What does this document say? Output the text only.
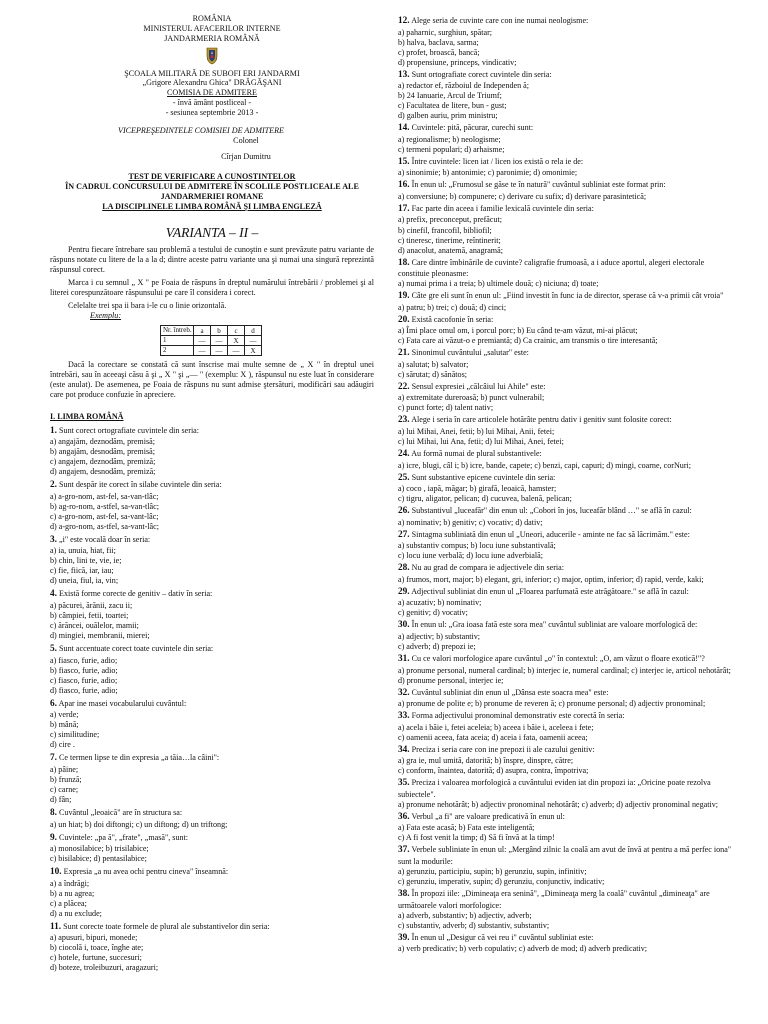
ROMÂNIA
MINISTERUL AFACERILOR INTERNE
JANDARMERIA ROMÂNĂ
ŞCOALA MILITARĂ DE SUBOFI ERI JANDARMI
„Grigore Alexandru Ghica" DRĂGĂŞANI
COMISIA DE ADMITERE
- învă ământ postliceal -
- sesiunea septembrie 2013 -
VICEPREŞEDINTELE COMISIEI DE ADMITERE
Colonel
Cîrjan Dumitru
TEST DE VERIFICARE A CUNOSTINTELOR
ÎN CADRUL CONCURSULUI DE ADMITERE ÎN SCOLILE POSTLICEALE ALE JANDARMERIEI ROMANE
LA DISCIPLINELE LIMBA ROMÂNĂ ŞI LIMBA ENGLEZĂ
VARIANTA – II –
Pentru fiecare întrebare sau problemă a testului de cunoştin e sunt prevăzute patru variante de răspuns notate cu litere de la a la d; dintre aceste patru variante una şi numai una singură reprezintă răspunsul corect.
Marca i cu semnul „ X " pe Foaia de răspuns în dreptul numărului întrebării / problemei şi al literei corespunzătoare răspunsului pe care îl considera i corect.
Celelalte trei spa ii bara i-le cu o linie orizontală.
Exemplu:
Nr. întreb.	a	b	c	d
1	—	—	X	—
2	—	—	—	X
Dacă la corectare se constată că sunt înscrise mai multe semne de „ X " în dreptul unei întrebări, sau în aceeaşi căsu ă şi „ X " şi „— " (exemplu: X ), răspunsul nu este luat în considerare (este anulat). De asemenea, pe Foaia de răspuns nu sunt admise ştersături, modificări sau adăugiri care pot produce confuzie în apreciere.
I. LIMBA ROMÂNĂ
1. Sunt corect ortografiate cuvintele din seria:
a) angajăm, deznodăm, premisă;
b) angajăm, desnodăm, premisă;
c) angajem, deznodăm, premiză;
d) angajem, desnodăm, premiză;
2. Sunt despăr ite corect în silabe cuvintele din seria:
a) a-gro-nom, ast-fel, sa-van-tlâc;
b) ag-ro-nom, a-stfel, sa-van-tlâc;
c) a-gro-nom, ast-fel, sa-vant-lâc;
d) a-gro-nom, as-tfel, sa-vant-lâc;
3. „i" este vocală doar în seria:
a) ia, unuia, hiat, fii;
b) chin, lini te, vie, ie;
c) fie, fiică, iar, iau;
d) uneia, fiul, ia, vin;
4. Există forme corecte de genitiv – dativ în seria:
a) păcurei, ărănii, zacu ii;
b) câmpiei, fetii, toartei;
c) ărăncei, ouălelor, mamii;
d) mingiei, membranii, mierei;
5. Sunt accentuate corect toate cuvintele din seria:
a) fiasco, furie, adio;
b) fiasco, furie, adio;
c) fiasco, furie, adio;
d) fiasco, furie, adio;
6. Apar ine masei vocabularului cuvântul:
a) verde;
b) mână;
c) similitudine;
d) cire .
7. Ce termen lipse te din expresia „a tăia…la câini":
a) pâine;
b) frunză;
c) carne;
d) fân;
8. Cuvântul „leoaică" are în structura sa:
a) un hiat; b) doi diftongi; c) un diftong; d) un triftong;
9. Cuvintele: „pa ă", „frate", „masă", sunt:
a) monosilabice; b) trisilabice;
c) bisilabice; d) pentasilabice;
10. Expresia „a nu avea ochi pentru cineva" înseamnă:
a) a îndrăgi;
b) a nu agrea;
c) a plăcea;
d) a nu exclude;
11. Sunt corecte toate formele de plural ale substantivelor din seria:
a) apusuri, bipuri, monede;
b) ciocolă i, toace, înghe ate;
c) hotele, furtune, succesuri;
d) boteze, troleibuzuri, aragazuri;
12. Alege seria de cuvinte care con ine numai neologisme:
a) paharnic, surghiun, spătar;
b) halva, baclava, sarma;
c) profet, broască, bancă;
d) propensiune, princeps, vindicativ;
13. Sunt ortografiate corect cuvintele din seria:
a) redactor ef, războiul de Independen ă;
b) 24 Ianuarie, Arcul de Triumf;
c) Facultatea de litere, bun - gust;
d) galben auriu, prim ministru;
14. Cuvintele: pită, păcurar, curechi sunt:
a) regionalisme; b) neologisme;
c) termeni populari; d) arhaisme;
15. Între cuvintele: licen iat / licen ios există o rela ie de:
a) sinonimie; b) antonimie; c) paronimie; d) omonimie;
16. În enun ul: „Frumosul se găse te în natură" cuvântul subliniat este format prin:
a) conversiune; b) compunere; c) derivare cu sufix; d) derivare parasintetică;
17. Fac parte din aceea i familie lexicală cuvintele din seria:
a) prefix, preconceput, prefăcut;
b) cinefil, francofil, bibliofil;
c) tineresc, tinerime, reîntinerit;
d) anacolut, anatemă, anagramă;
18. Care dintre îmbinările de cuvinte? caligrafie frumoasă, a i aduce aportul, alegeri electorale constituie pleonasme:
a) numai prima i a treia; b) ultimele două; c) niciuna; d) toate;
19. Câte gre eli sunt în enun ul: „Fiind investit în func ia de director, sperase că v-a primii cât vroia"
a) patru; b) trei; c) două; d) cinci;
20. Există cacofonie în seria:
a) Îmi place omul om, i porcul porc; b) Eu când te-am văzut, mi-ai plăcut;
c) Fata care ai văzut-o e premiantă; d) Ca crainic, am transmis o tire interesantă;
21. Sinonimul cuvântului „salutar" este:
a) salutat; b) salvator;
c) sărutat; d) sănătos;
22. Sensul expresiei „călcâiul lui Ahile" este:
a) extremitate dureroasă; b) punct vulnerabil;
c) punct forte; d) talent nativ;
23. Alege i seria în care articolele hotărâte pentru dativ i genitiv sunt folosite corect:
a) lui Mihai, Anei, fetii; b) lui Mihai, Anii, fetei;
c) lui Mihai, lui Ana, fetii; d) lui Mihai, Anei, fetei;
24. Au formă numai de plural substantivele:
a) icre, blugi, câl i; b) icre, bande, capete; c) benzi, capi, capuri; d) mingi, coarne, corNuri;
25. Sunt substantive epicene cuvintele din seria:
a) coco , iapă, măgar; b) girafă, leoaică, hamster;
c) tigru, aligator, pelican; d) cucuvea, balenă, pelican;
26. Substantivul „luceafăr" din enun ul: „Cobori în jos, luceafăr blând …" se află în cazul:
a) nominativ; b) genitiv; c) vocativ; d) dativ;
27. Sintagma subliniată din enun ul „Uneori, aducerile - aminte ne fac să lăcrimăm." este:
a) substantiv compus; b) locu iune substantivală;
c) locu iune verbală; d) locu iune adverbială;
28. Nu au grad de compara ie adjectivele din seria:
a) frumos, mort, major; b) elegant, gri, inferior; c) major, optim, inferior; d) rapid, verde, kaki;
29. Adjectivul subliniat din enun ul „Floarea parfumată este atrăgătoare." se află în cazul:
a) acuzativ; b) nominativ;
c) genitiv; d) vocativ;
30. În enun ul: „Gra ioasa fată este sora mea" cuvântul subliniat are valoare morfologică de:
a) adjectiv; b) substantiv;
c) adverb; d) prepozi ie;
31. Cu ce valori morfologice apare cuvântul „o" în contextul: „O, am văzut o floare exotică!"?
a) pronume personal, numeral cardinal; b) interjec ie, numeral cardinal; c) interjec ie, articol nehotărât; d) pronume personal, interjec ie;
32. Cuvântul subliniat din enun ul „Dânsa este soacra mea" este:
a) pronume de polite e; b) pronume de reveren ă; c) pronume personal; d) adjectiv pronominal;
33. Forma adjectivului pronominal demonstrativ este corectă în seria:
a) acela i băie i, fetei aceleia; b) aceea i băie i, aceleea i fete;
c) oamenii aceea, fata aceia; d) aceia i fata, oamenii aceea;
34. Preciza i seria care con ine prepozi ii ale cazului genitiv:
a) gra ie, mul umită, datorită; b) înspre, dinspre, către;
c) conform, înaintea, datorită; d) asupra, contra, împotriva;
35. Preciza i valoarea morfologică a cuvântului eviden iat din propozi ia: „Oricine poate rezolva subiectele".
a) pronume nehotărât; b) adjectiv pronominal nehotărât; c) adverb; d) adjectiv pronominal negativ;
36. Verbul „a fi" are valoare predicativă în enun ul:
a) Fata este acasă; b) Fata este inteligentă;
c) A fi fost venit la timp; d) Să fi învă at la timp!
37. Verbele subliniate în enun ul: „Mergând zilnic la coală am avut de învă at pentru a mă perfec iona" sunt la modurile:
a) gerunziu, participiu, supin; b) gerunziu, supin, infinitiv;
c) gerunziu, imperativ, supin; d) gerunziu, conjunctiv, indicativ;
38. În propozi iile: „Dimineaţa era senină", „Dimineaţa merg la coală" cuvântul „dimineaţa" are următoarele valori morfologice:
a) adverb, substantiv; b) adjectiv, adverb;
c) substantiv, adverb; d) substantiv, substantiv;
39. În enun ul „Desigur că vei reu i" cuvântul subliniat este:
a) verb predicativ; b) verb copulativ; c) adverb de mod; d) adverb predicativ;
